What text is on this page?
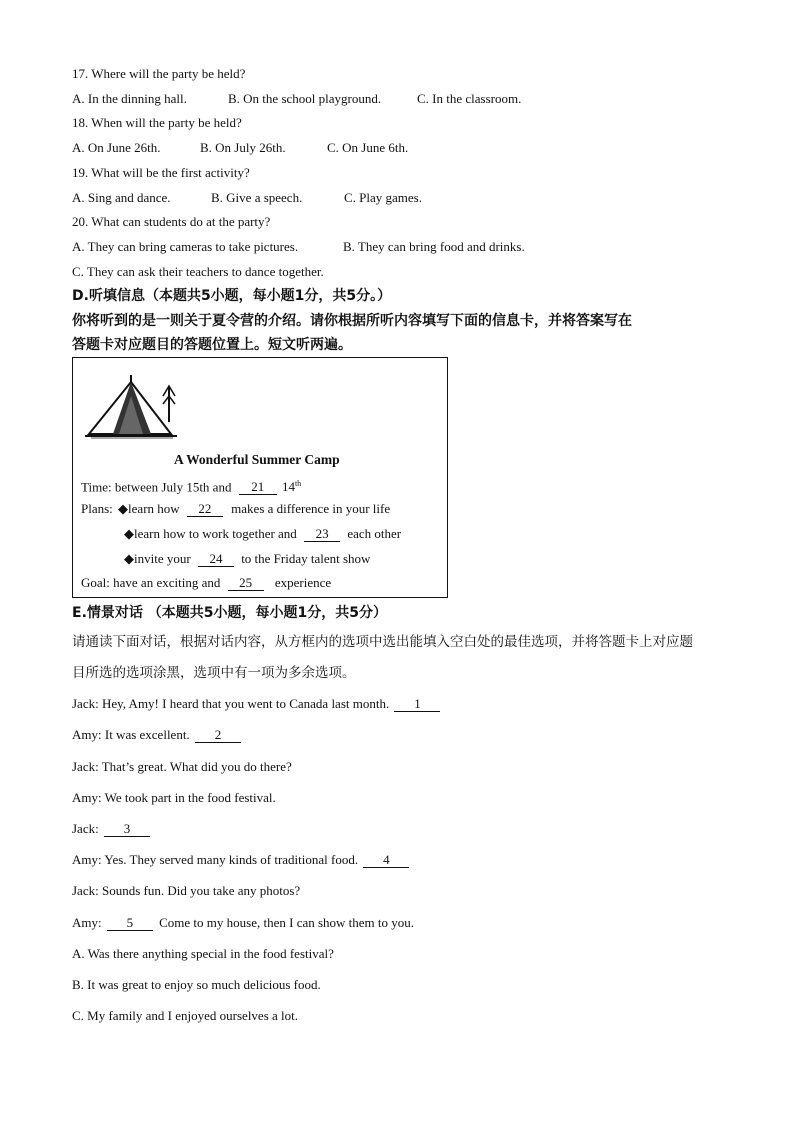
17. Where will the party be held?
A. In the dinning hall.	B. On the school playground.	C. In the classroom.
18. When will the party be held?
A. On June 26th.	B. On July 26th.	C. On June 6th.
19. What will be the first activity?
A. Sing and dance.	B. Give a speech.	C. Play games.
20. What can students do at the party?
A. They can bring cameras to take pictures.	B. They can bring food and drinks.
C. They can ask their teachers to dance together.
D.听填信息（本题共5小题，每小题1分，共5分。）
你将听到的是一则关于夏令营的介绍。请你根据所听内容填写下面的信息卡，并将答案写在
答题卡对应题目的答题位置上。短文听两遍。
A Wonderful Summer Camp
Time: between July 15th and 21 14th
Plans: ◆learn how 22 makes a difference in your life
◆learn how to work together and 23 each other
◆invite your 24 to the Friday talent show
Goal: have an exciting and 25 experience
E.情景对话 （本题共5小题，每小题1分，共5分）
请通读下面对话，根据对话内容，从方框内的选项中选出能填入空白处的最佳选项，并将答题卡上对应题
目所选的选项涂黑，选项中有一项为多余选项。
Jack: Hey, Amy! I heard that you went to Canada last month. 1
Amy: It was excellent. 2
Jack: That’s great. What did you do there?
Amy: We took part in the food festival.
Jack: 3
Amy: Yes. They served many kinds of traditional food. 4
Jack: Sounds fun. Did you take any photos?
Amy: 5 Come to my house, then I can show them to you.
A. Was there anything special in the food festival?
B. It was great to enjoy so much delicious food.
C. My family and I enjoyed ourselves a lot.
